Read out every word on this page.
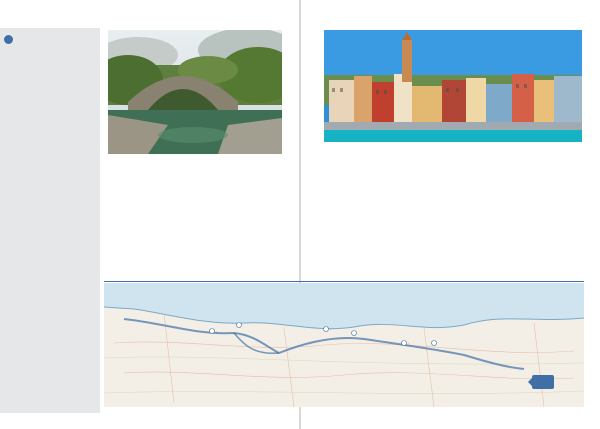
·	·
·
